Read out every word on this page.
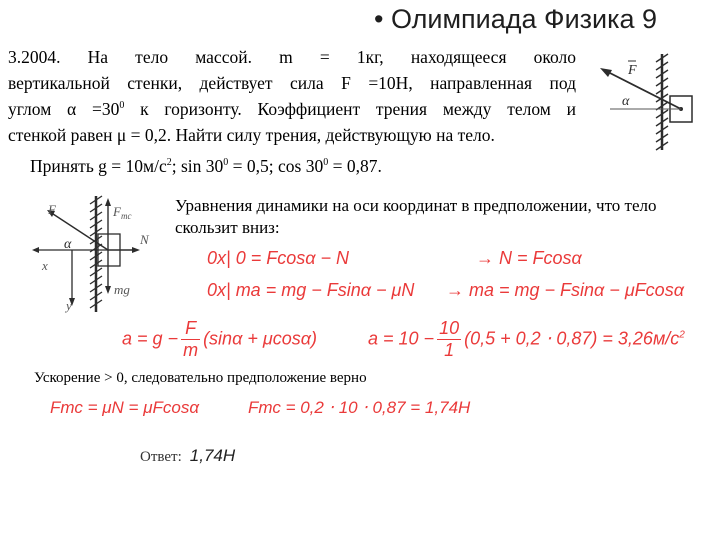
• Олимпиада Физика 9
3.2004. На тело массой. m = 1кг, находящееся около
вертикальной стенки, действует сила F =10Н, направленная под
углом $\alpha =30^0$ к горизонту. Коэффициент трения между телом и
стенкой равен μ = 0,2. Найти силу трения, действующую на тело.
Принять $g = 10м/с^2$; $\sin 30^0 = 0,5$; $\cos 30^0 = 0,87$.
F
α
F	$F_{тс}$
N
α
x
y
mg
Уравнения динамики на оси координат в предположении, что тело скользит вниз:
0x| 0 = Fcosα − N	→ N = Fcosα
0x| ma = mg − Fsinα − μN → ma = mg − Fsinα − μFcosα
$a = g - \frac{F}{m} (\sin\alpha + \mu\cos\alpha)$	$a = 10 - \frac{10}{1} (0,5 + 0,2 \cdot 0,87) = 3,26м/с^2$
Ускорение > 0, следовательно предположение верно
Fтс = μN = μFcosα	Fтс = 0,2 ⋅ 10 ⋅ 0,87 = 1,74Н
Ответ: 1,74Н
